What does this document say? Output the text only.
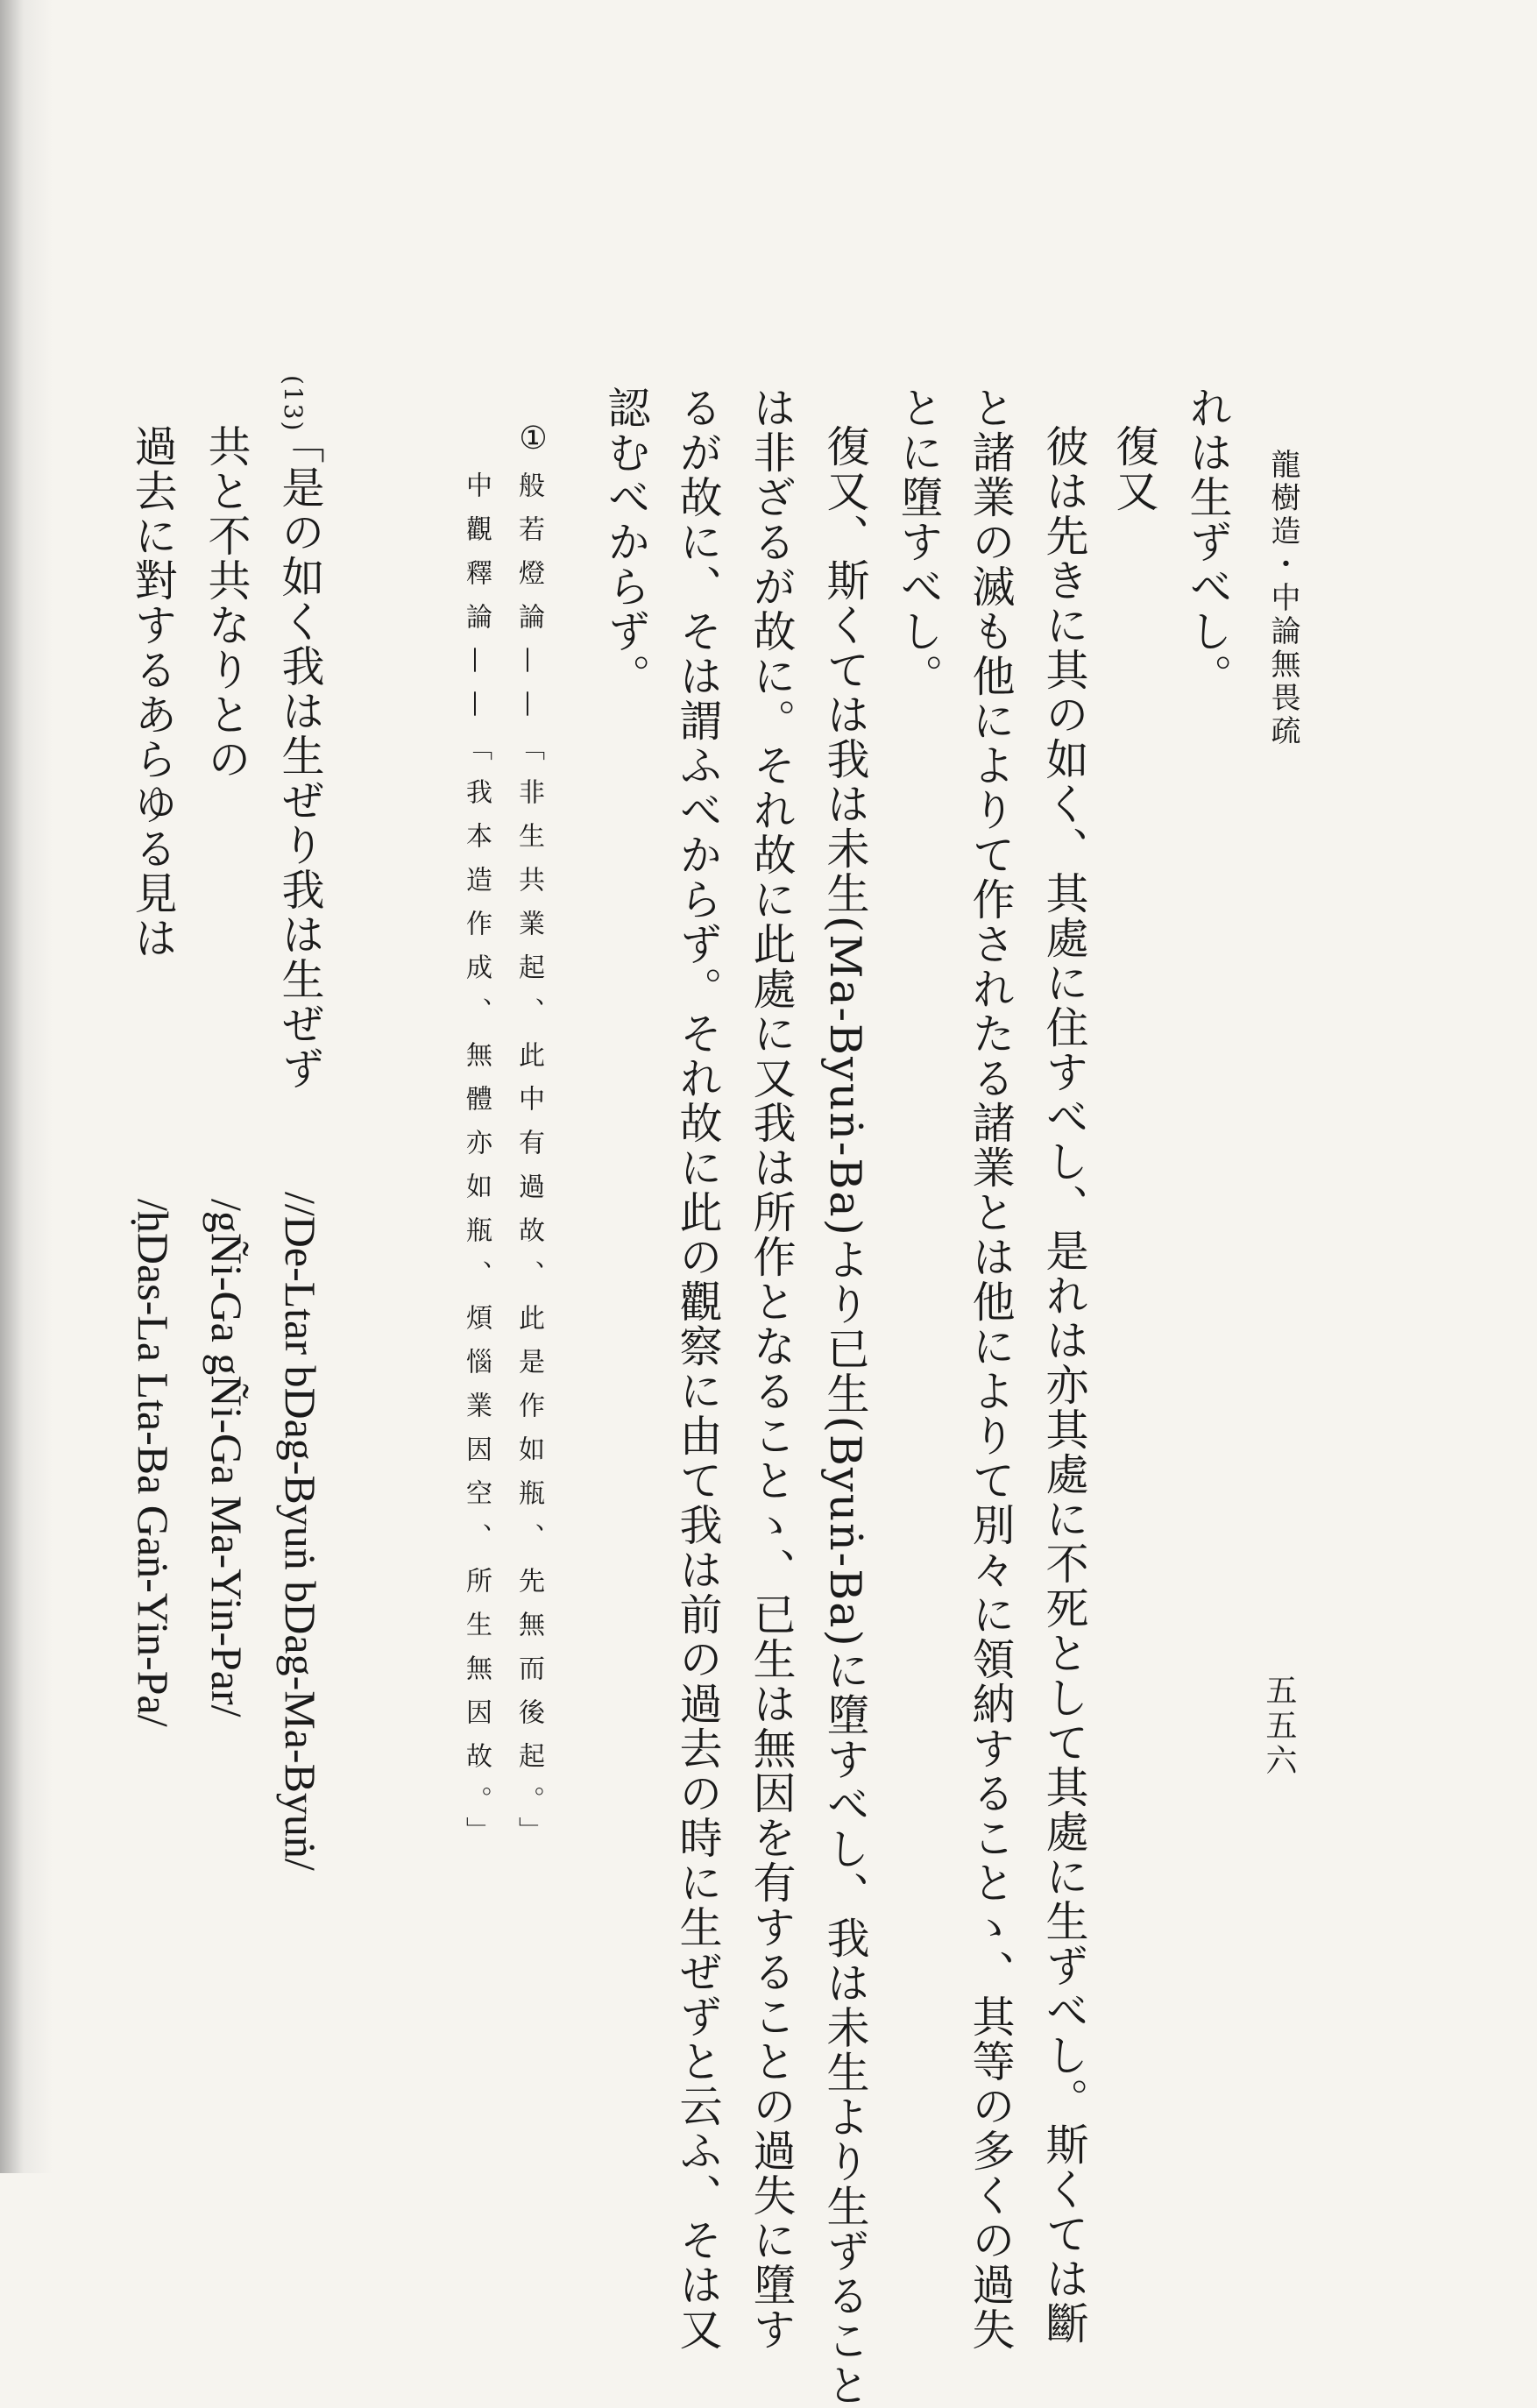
龍樹造・中論無畏疏
五五六
れは生ずべし。
復又
彼は先きに其の如く、其處に住すべし、是れは亦其處に不死として其處に生ずべし。斯くては斷
と諸業の滅も他によりて作されたる諸業とは他によりて別々に領納することゝ、其等の多くの過失
とに墮すべし。
復又、斯くては我は未生(Ma-Byuṅ-Ba)より已生(Byuṅ-Ba)に墮すべし、我は未生より生ずること
は非ざるが故に。それ故に此處に又我は所作となることゝ、已生は無因を有することの過失に墮す
るが故に、そは謂ふべからず。それ故に此の觀察に由て我は前の過去の時に生ぜずと云ふ、そは又
認むべからず。
①
般若燈論——「非生共業起、此中有過故、此是作如瓶、先無而後起。」
中觀釋論——「我本造作成、無體亦如瓶、煩惱業因空、所生無因故。」
(13)
「是の如く我は生ぜり我は生ぜず
共と不共なりとの
過去に對するあらゆる見は
//De-Ltar bDag-Byuṅ bDag-Ma-Byuṅ/
/gÑi-Ga gÑi-Ga Ma-Yin-Par/
/ḥDas-La Lta-Ba Gaṅ-Yin-Pa/
